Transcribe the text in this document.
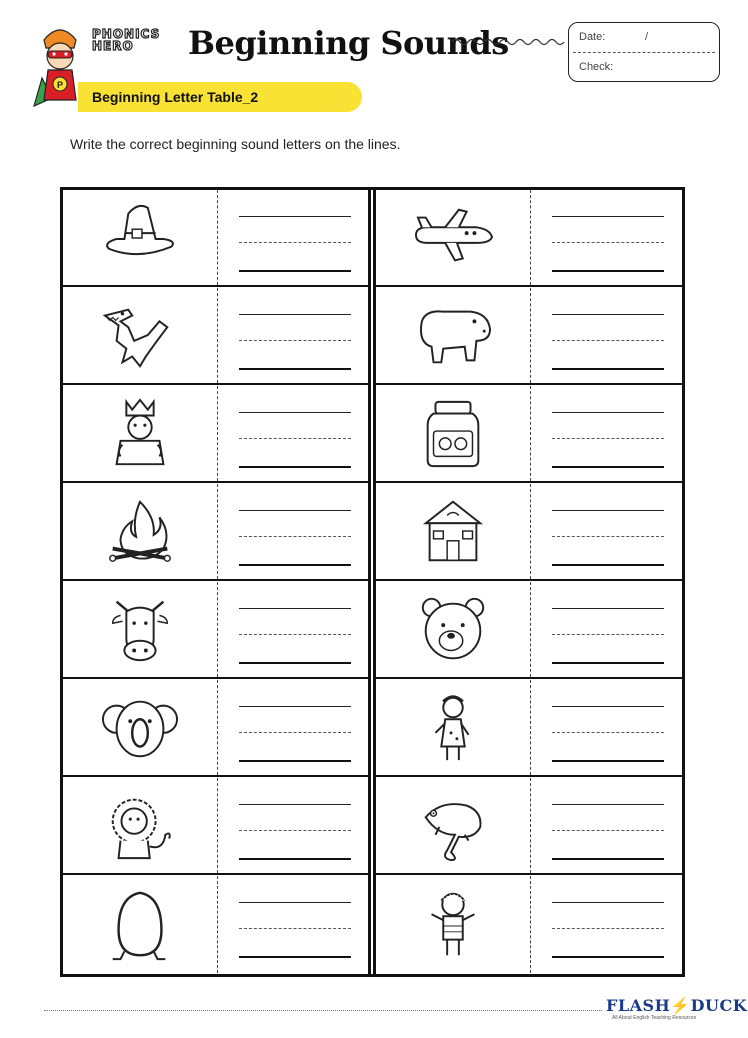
P
PHONICS HERO	Beginning Sounds	Date:	/
Check:
Beginning Letter Table_2
Write the correct beginning sound letters on the lines.
FLASH⚡DUCK
All About English Teaching Resources
